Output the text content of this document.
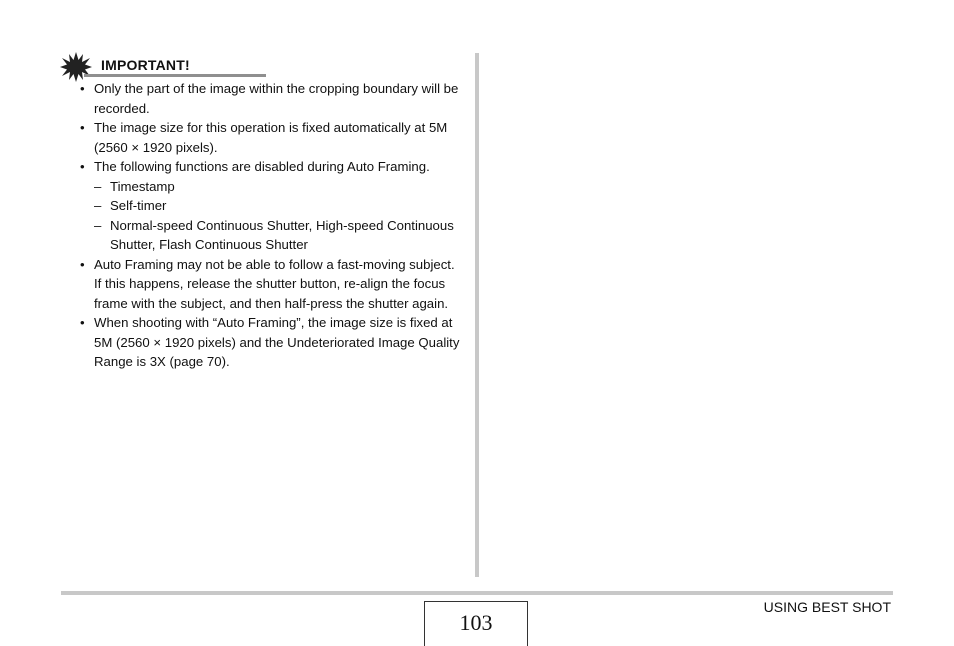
IMPORTANT!
• Only the part of the image within the cropping boundary will be recorded.
• The image size for this operation is fixed automatically at 5M (2560 × 1920 pixels).
• The following functions are disabled during Auto Framing.
– Timestamp
– Self-timer
– Normal-speed Continuous Shutter, High-speed Continuous Shutter, Flash Continuous Shutter
• Auto Framing may not be able to follow a fast-moving subject. If this happens, release the shutter button, re-align the focus frame with the subject, and then half-press the shutter again.
• When shooting with “Auto Framing”, the image size is fixed at 5M (2560 × 1920 pixels) and the Undeteriorated Image Quality Range is 3X (page 70).
103
USING BEST SHOT
